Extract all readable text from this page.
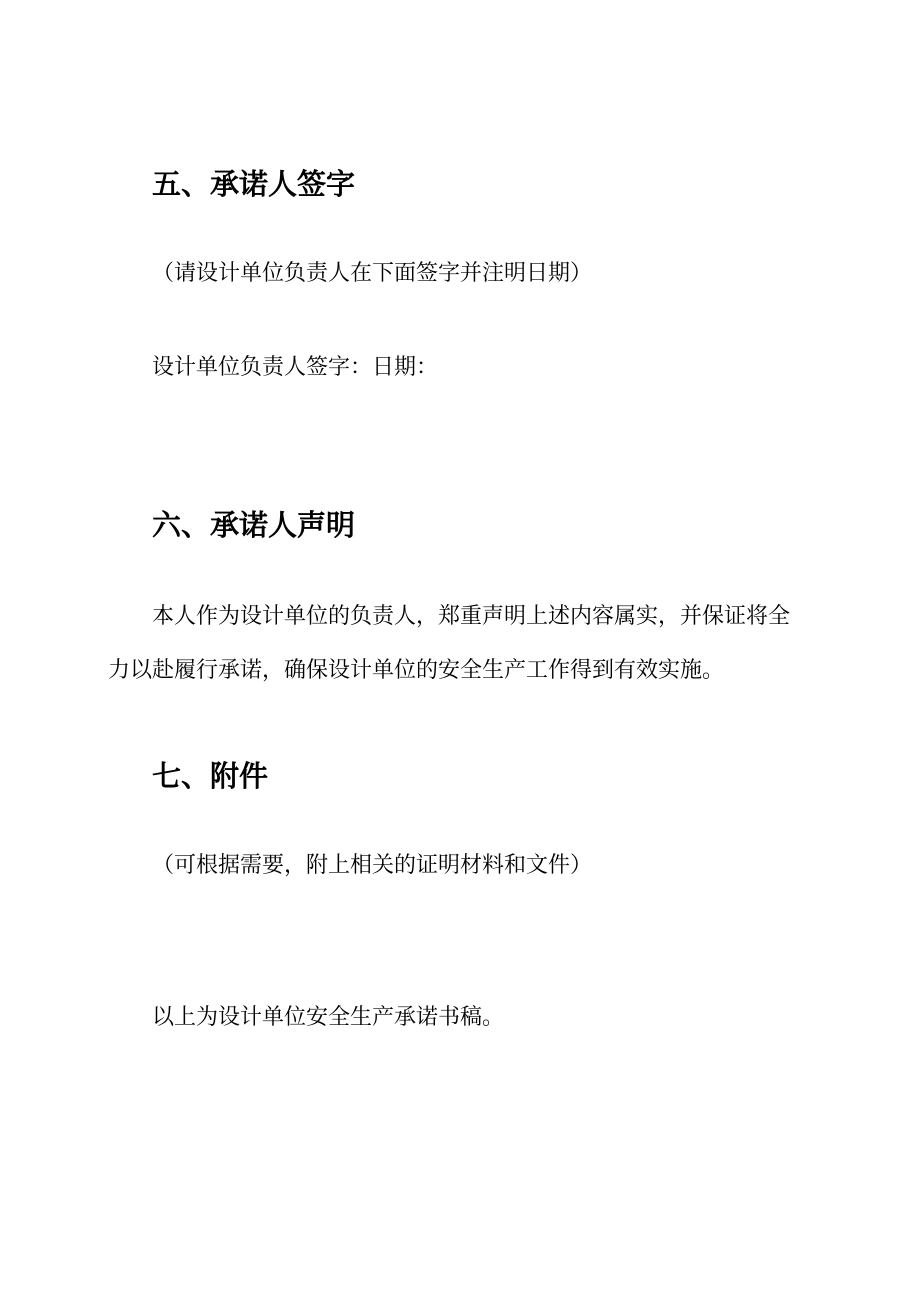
五、承诺人签字

（请设计单位负责人在下面签字并注明日期）

设计单位负责人签字：日期：

六、承诺人声明

本人作为设计单位的负责人，郑重声明上述内容属实，并保证将全力以赴履行承诺，确保设计单位的安全生产工作得到有效实施。

七、附件

（可根据需要，附上相关的证明材料和文件）

以上为设计单位安全生产承诺书稿。
